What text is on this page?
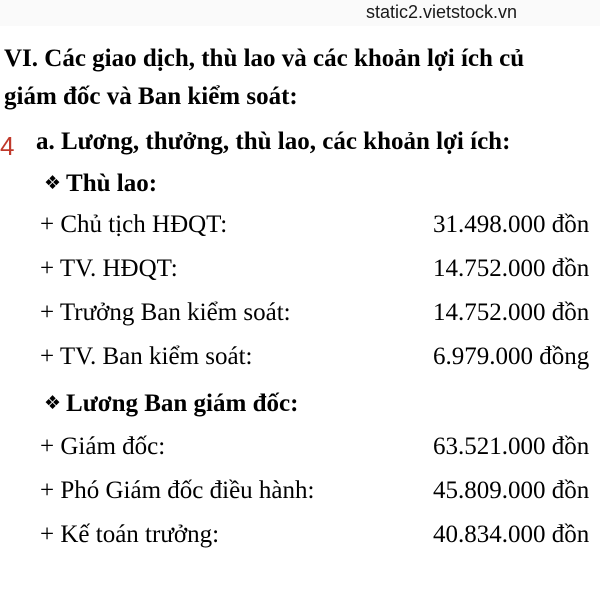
static2.vietstock.vn
VI. Các giao dịch, thù lao và các khoản lợi ích củ
giám đốc và Ban kiểm soát:
4 a. Lương, thưởng, thù lao, các khoản lợi ích:
❖ Thù lao:
+ Chủ tịch HĐQT:	31.498.000 đồn
+ TV. HĐQT:	14.752.000 đồn
+ Trưởng Ban kiểm soát:	14.752.000 đồn
+ TV. Ban kiểm soát:	6.979.000 đồng
❖ Lương Ban giám đốc:
+ Giám đốc:	63.521.000 đồn
+ Phó Giám đốc điều hành:	45.809.000 đồn
+ Kế toán trưởng:	40.834.000 đồn
